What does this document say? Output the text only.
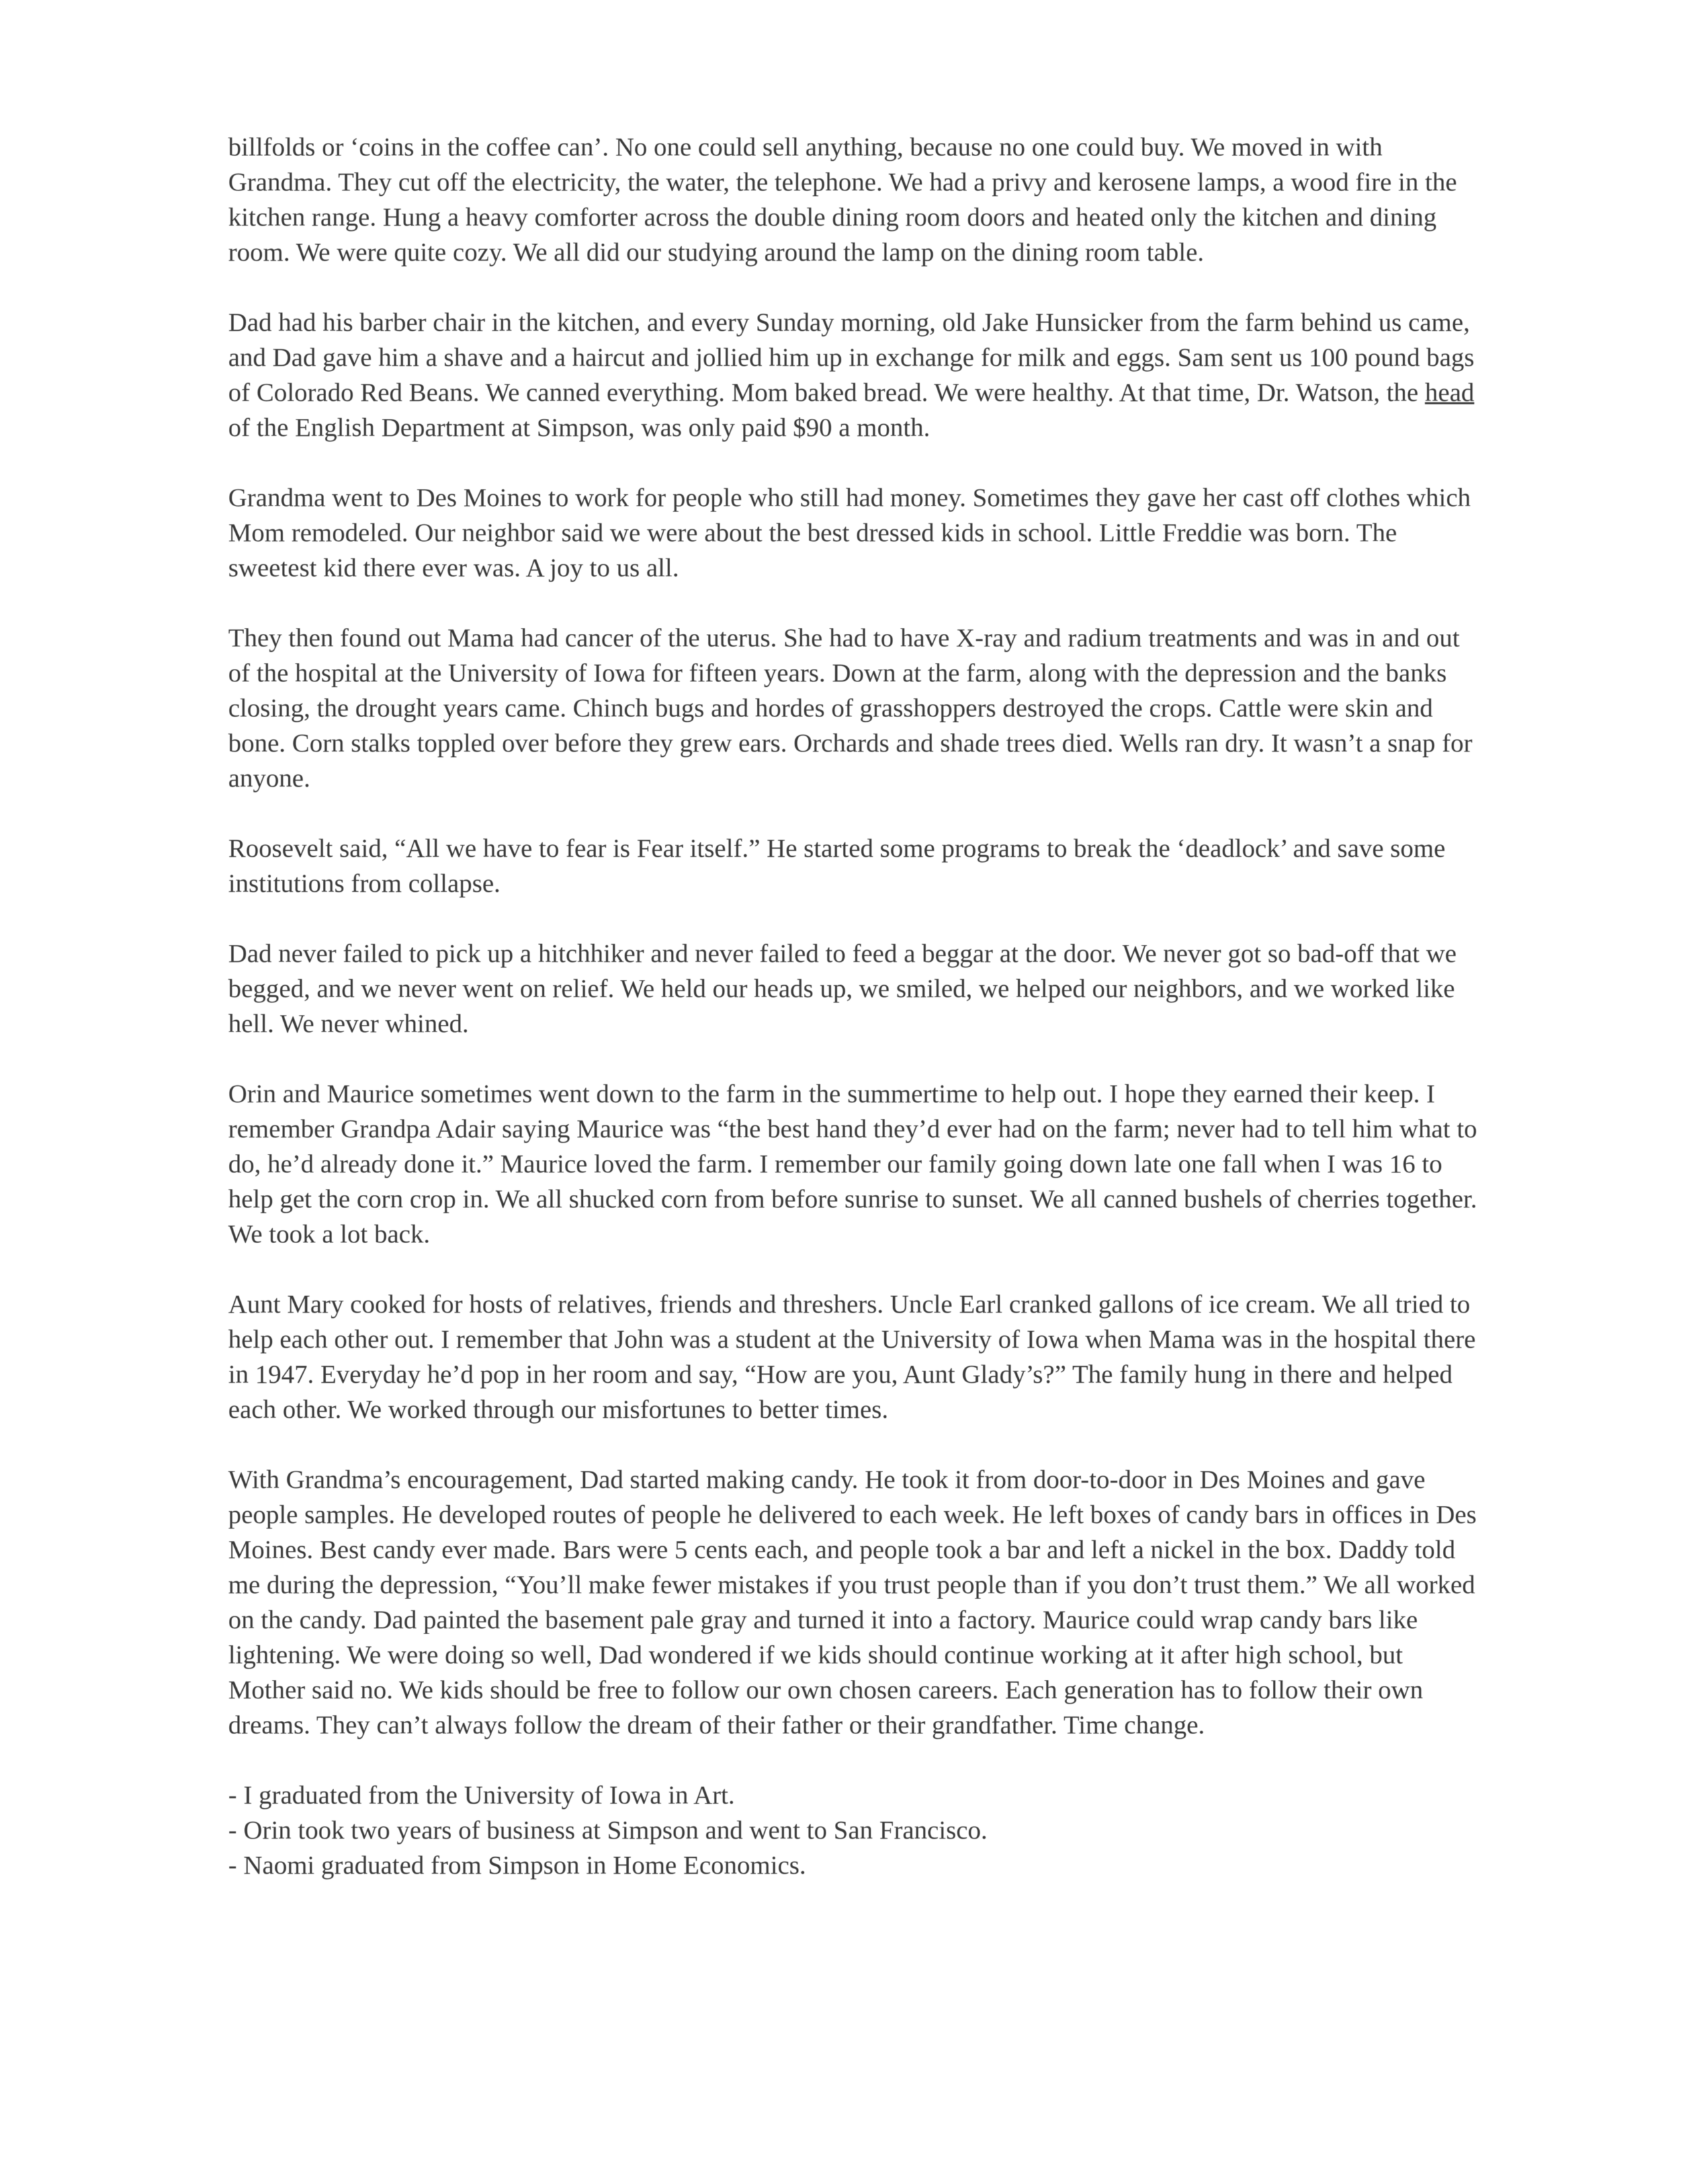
billfolds or ‘coins in the coffee can’. No one could sell anything, because no one could buy. We moved in with Grandma. They cut off the electricity, the water, the telephone. We had a privy and kerosene lamps, a wood fire in the kitchen range. Hung a heavy comforter across the double dining room doors and heated only the kitchen and dining room. We were quite cozy. We all did our studying around the lamp on the dining room table.

Dad had his barber chair in the kitchen, and every Sunday morning, old Jake Hunsicker from the farm behind us came, and Dad gave him a shave and a haircut and jollied him up in exchange for milk and eggs. Sam sent us 100 pound bags of Colorado Red Beans. We canned everything. Mom baked bread. We were healthy. At that time, Dr. Watson, the head of the English Department at Simpson, was only paid $90 a month.

Grandma went to Des Moines to work for people who still had money. Sometimes they gave her cast off clothes which Mom remodeled. Our neighbor said we were about the best dressed kids in school. Little Freddie was born. The sweetest kid there ever was. A joy to us all.

They then found out Mama had cancer of the uterus. She had to have X-ray and radium treatments and was in and out of the hospital at the University of Iowa for fifteen years. Down at the farm, along with the depression and the banks closing, the drought years came. Chinch bugs and hordes of grasshoppers destroyed the crops. Cattle were skin and bone. Corn stalks toppled over before they grew ears. Orchards and shade trees died. Wells ran dry. It wasn’t a snap for anyone.

Roosevelt said, “All we have to fear is Fear itself.” He started some programs to break the ‘deadlock’ and save some institutions from collapse.

Dad never failed to pick up a hitchhiker and never failed to feed a beggar at the door. We never got so bad-off that we begged, and we never went on relief. We held our heads up, we smiled, we helped our neighbors, and we worked like hell. We never whined.

Orin and Maurice sometimes went down to the farm in the summertime to help out. I hope they earned their keep. I remember Grandpa Adair saying Maurice was “the best hand they’d ever had on the farm; never had to tell him what to do, he’d already done it.” Maurice loved the farm. I remember our family going down late one fall when I was 16 to help get the corn crop in. We all shucked corn from before sunrise to sunset. We all canned bushels of cherries together. We took a lot back.

Aunt Mary cooked for hosts of relatives, friends and threshers. Uncle Earl cranked gallons of ice cream. We all tried to help each other out. I remember that John was a student at the University of Iowa when Mama was in the hospital there in 1947. Everyday he’d pop in her room and say, “How are you, Aunt Glady’s?” The family hung in there and helped each other. We worked through our misfortunes to better times.

With Grandma’s encouragement, Dad started making candy. He took it from door-to-door in Des Moines and gave people samples. He developed routes of people he delivered to each week. He left boxes of candy bars in offices in Des Moines. Best candy ever made. Bars were 5 cents each, and people took a bar and left a nickel in the box. Daddy told me during the depression, “You’ll make fewer mistakes if you trust people than if you don’t trust them.” We all worked on the candy. Dad painted the basement pale gray and turned it into a factory. Maurice could wrap candy bars like lightening. We were doing so well, Dad wondered if we kids should continue working at it after high school, but Mother said no. We kids should be free to follow our own chosen careers. Each generation has to follow their own dreams. They can’t always follow the dream of their father or their grandfather. Time change.

- I graduated from the University of Iowa in Art.
- Orin took two years of business at Simpson and went to San Francisco.
- Naomi graduated from Simpson in Home Economics.
